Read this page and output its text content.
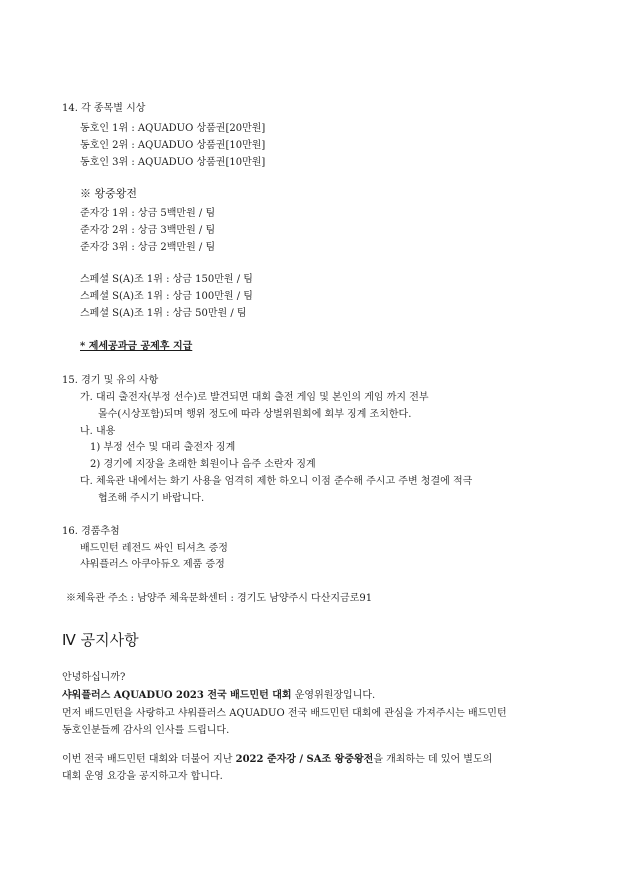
14. 각 종목별 시상
동호인 1위 : AQUADUO 상품권[20만원]
동호인 2위 : AQUADUO 상품권[10만원]
동호인 3위 : AQUADUO 상품권[10만원]
※ 왕중왕전
준자강 1위 : 상금 5백만원 / 팀
준자강 2위 : 상금 3백만원 / 팀
준자강 3위 : 상금 2백만원 / 팀
스페셜 S(A)조 1위 : 상금 150만원 / 팀
스페셜 S(A)조 1위 : 상금 100만원 / 팀
스페셜 S(A)조 1위 : 상금 50만원 / 팀
* 제세공과금 공제후 지급
15. 경기 및 유의 사항
가. 대리 출전자(부정 선수)로 발견되면 대회 출전 게임 및 본인의 게임 까지 전부
몰수(시상포함)되며 행위 정도에 따라 상벌위원회에 회부 징계 조치한다.
나. 내용
1) 부정 선수 및 대리 출전자 징계
2) 경기에 지장을 초래한 회원이나 음주 소란자 징계
다. 체육관 내에서는 화기 사용을 엄격히 제한 하오니 이점 준수해 주시고 주변 청결에 적극
협조해 주시기 바랍니다.
16. 경품추첨
배드민턴 레전드 싸인 티셔츠 증정
샤워플러스 아쿠아듀오 제품 증정
※체육관 주소 : 남양주 체육문화센터 : 경기도 남양주시 다산지금로91
Ⅳ 공지사항
안녕하십니까?
샤워플러스 AQUADUO 2023 전국 배드민턴 대회 운영위원장입니다.
먼저 배드민턴을 사랑하고 샤워플러스 AQUADUO 전국 배드민턴 대회에 관심을 가져주시는 배드민턴
동호인분들께 감사의 인사를 드립니다.
이번 전국 배드민턴 대회와 더불어 지난 2022 준자강 / SA조 왕중왕전을 개최하는 데 있어 별도의
대회 운영 요강을 공지하고자 합니다.
